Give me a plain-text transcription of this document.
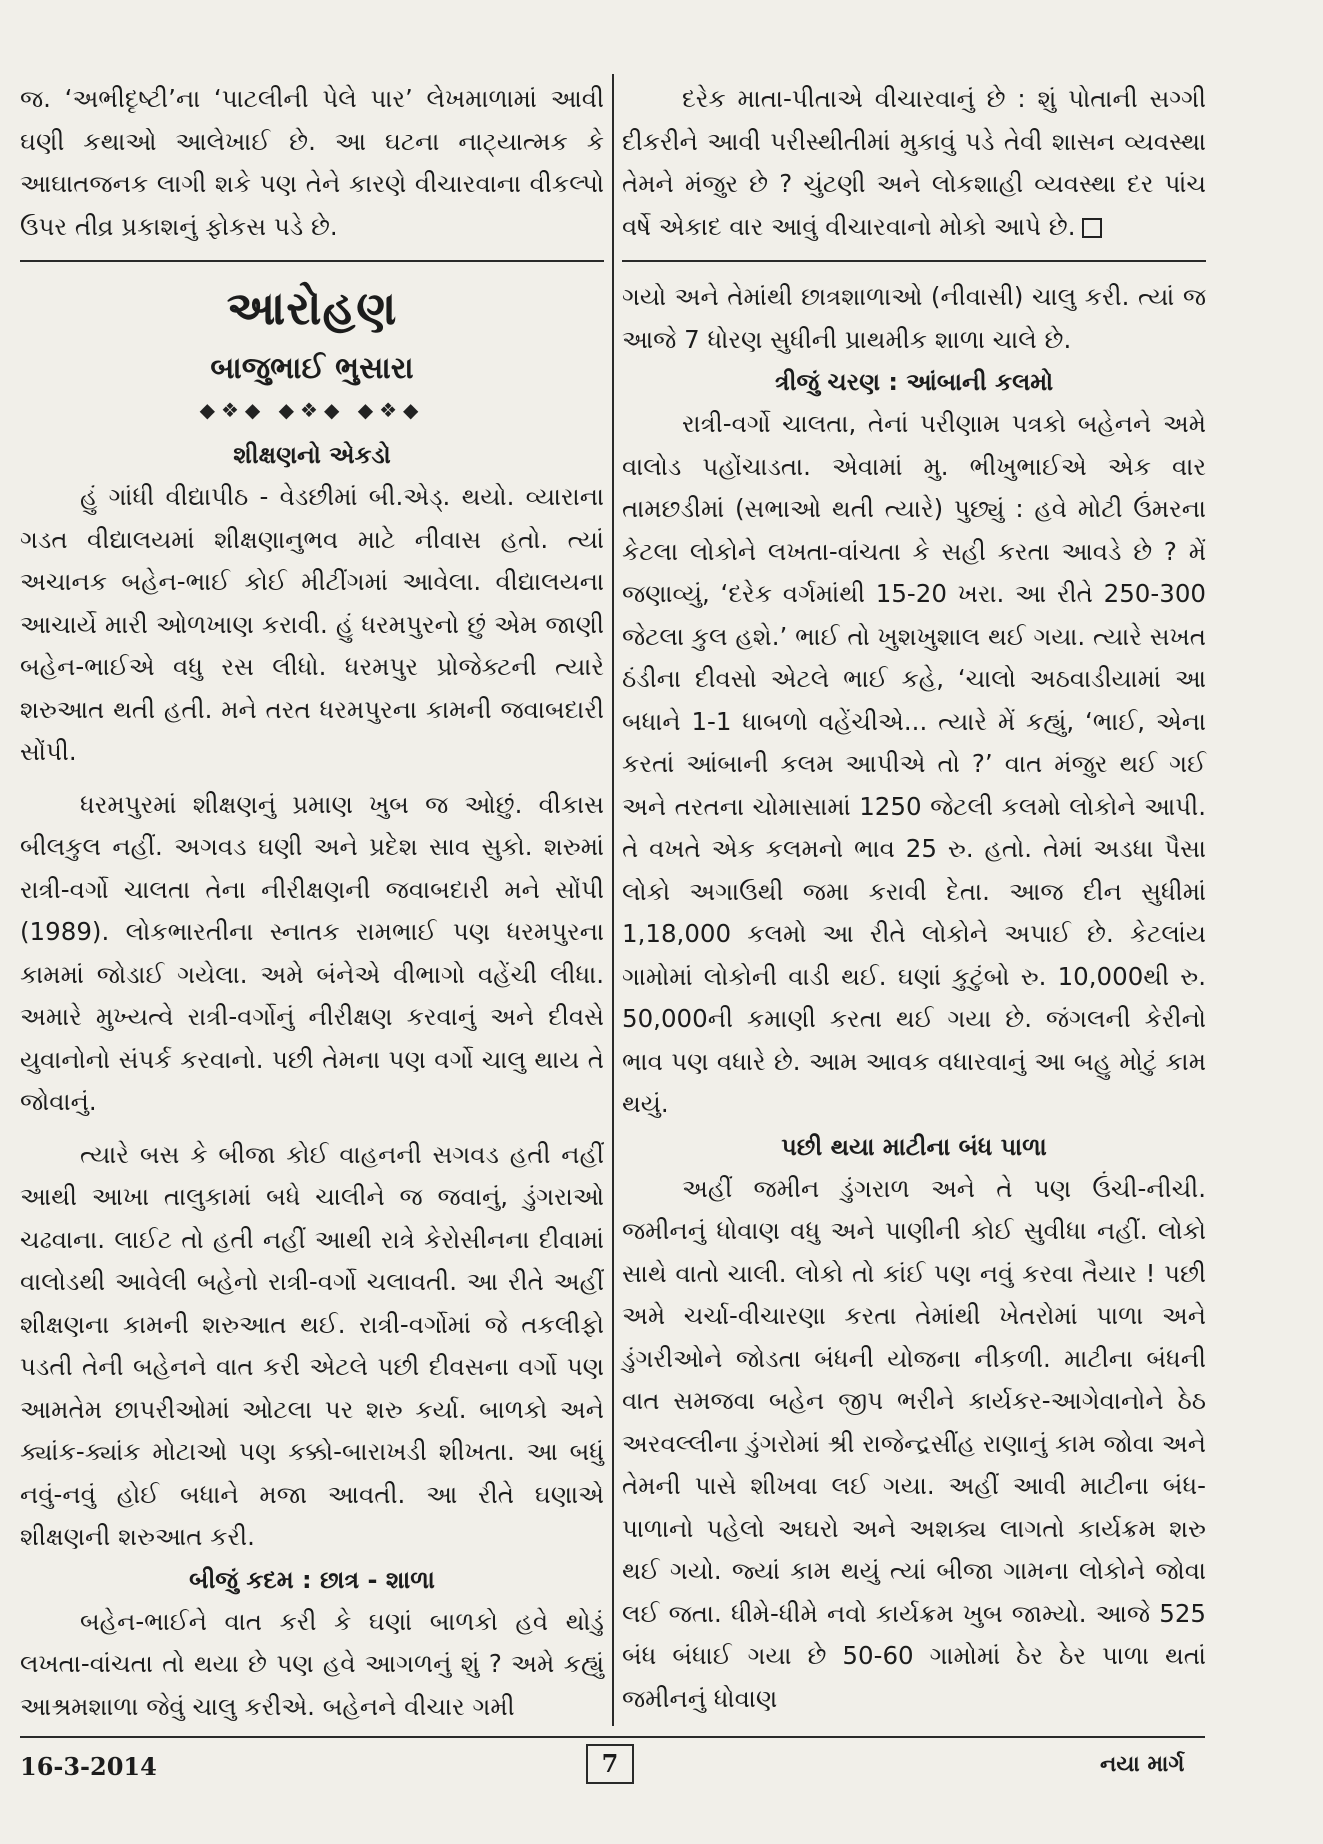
જ. ‘અભીદૃષ્ટી’ના ‘પાટલીની પેલે પાર’ લેખમાળામાં આવી ઘણી કથાઓ આલેખાઈ છે. આ ઘટના નાટ્યાત્મક કે આઘાતજનક લાગી શકે પણ તેને કારણે વીચારવાના વીકલ્પો ઉપર તીવ્ર પ્રકાશનું ફોકસ પડે છે.

આરોહણ
બાજુભાઈ ભુસારા
◆❖◆ ◆❖◆ ◆❖◆
શીક્ષણનો એકડો

હું ગાંધી વીદ્યાપીઠ - વેડછીમાં બી.એડ્. થયો. વ્યારાના ગડત વીદ્યાલયમાં શીક્ષણાનુભવ માટે નીવાસ હતો. ત્યાં અચાનક બહેન-ભાઈ કોઈ મીટીંગમાં આવેલા. વીદ્યાલયના આચાર્યે મારી ઓળખાણ કરાવી. હું ધરમપુરનો છું એમ જાણી બહેન-ભાઈએ વધુ રસ લીધો. ધરમપુર પ્રોજેક્ટની ત્યારે શરુઆત થતી હતી. મને તરત ધરમપુરના કામની જવાબદારી સોંપી.

ધરમપુરમાં શીક્ષણનું પ્રમાણ ખુબ જ ઓછું. વીકાસ બીલકુલ નહીં. અગવડ ઘણી અને પ્રદેશ સાવ સુકો. શરુમાં રાત્રી-વર્ગો ચાલતા તેના નીરીક્ષણની જવાબદારી મને સોંપી (1989). લોકભારતીના સ્નાતક રામભાઈ પણ ધરમપુરના કામમાં જોડાઈ ગયેલા. અમે બંનેએ વીભાગો વહેંચી લીધા. અમારે મુખ્યત્વે રાત્રી-વર્ગોનું નીરીક્ષણ કરવાનું અને દીવસે યુવાનોનો સંપર્ક કરવાનો. પછી તેમના પણ વર્ગો ચાલુ થાય તે જોવાનું.

ત્યારે બસ કે બીજા કોઈ વાહનની સગવડ હતી નહીં આથી આખા તાલુકામાં બધે ચાલીને જ જવાનું, ડુંગરાઓ ચઢવાના. લાઈટ તો હતી નહીં આથી રાત્રે કેરોસીનના દીવામાં વાલોડથી આવેલી બહેનો રાત્રી-વર્ગો ચલાવતી. આ રીતે અહીં શીક્ષણના કામની શરુઆત થઈ. રાત્રી-વર્ગોમાં જે તકલીફો પડતી તેની બહેનને વાત કરી એટલે પછી દીવસના વર્ગો પણ આમતેમ છાપરીઓમાં ઓટલા પર શરુ કર્યા. બાળકો અને ક્યાંક-ક્યાંક મોટાઓ પણ કક્કો-બારાખડી શીખતા. આ બધું નવું-નવું હોઈ બધાને મજા આવતી. આ રીતે ઘણાએ શીક્ષણની શરુઆત કરી.

બીજું કદમ : છાત્ર - શાળા

બહેન-ભાઈને વાત કરી કે ઘણાં બાળકો હવે થોડું લખતા-વાંચતા તો થયા છે પણ હવે આગળનું શું ? અમે કહ્યું આશ્રમશાળા જેવું ચાલુ કરીએ. બહેનને વીચાર ગમી

દરેક માતા-પીતાએ વીચારવાનું છે : શું પોતાની સગ્ગી દીકરીને આવી પરીસ્થીતીમાં મુકાવું પડે તેવી શાસન વ્યવસ્થા તેમને મંજુર છે ? ચુંટણી અને લોકશાહી વ્યવસ્થા દર પાંચ વર્ષે એકાદ વાર આવું વીચારવાનો મોકો આપે છે.

ગયો અને તેમાંથી છાત્રશાળાઓ (નીવાસી) ચાલુ કરી. ત્યાં જ આજે 7 ધોરણ સુધીની પ્રાથમીક શાળા ચાલે છે.

ત્રીજું ચરણ : આંબાની કલમો

રાત્રી-વર્ગો ચાલતા, તેનાં પરીણામ પત્રકો બહેનને અમે વાલોડ પહોંચાડતા. એવામાં મુ. ભીખુભાઈએ એક વાર તામછડીમાં (સભાઓ થતી ત્યારે) પુછ્યું : હવે મોટી ઉંમરના કેટલા લોકોને લખતા-વાંચતા કે સહી કરતા આવડે છે ? મેં જણાવ્યું, ‘દરેક વર્ગમાંથી 15-20 ખરા. આ રીતે 250-300 જેટલા કુલ હશે.’ ભાઈ તો ખુશખુશાલ થઈ ગયા. ત્યારે સખત ઠંડીના દીવસો એટલે ભાઈ કહે, ‘ચાલો અઠવાડીયામાં આ બધાને 1-1 ધાબળો વહેંચીએ... ત્યારે મેં કહ્યું, ‘ભાઈ, એના કરતાં આંબાની કલમ આપીએ તો ?’ વાત મંજુર થઈ ગઈ અને તરતના ચોમાસામાં 1250 જેટલી કલમો લોકોને આપી. તે વખતે એક કલમનો ભાવ 25 રુ. હતો. તેમાં અડધા પૈસા લોકો અગાઉથી જમા કરાવી દેતા. આજ દીન સુધીમાં 1,18,000 કલમો આ રીતે લોકોને અપાઈ છે. કેટલાંય ગામોમાં લોકોની વાડી થઈ. ઘણાં કુટુંબો રુ. 10,000થી રુ. 50,000ની કમાણી કરતા થઈ ગયા છે. જંગલની કેરીનો ભાવ પણ વધારે છે. આમ આવક વધારવાનું આ બહુ મોટું કામ થયું.

પછી થયા માટીના બંધ પાળા

અહીં જમીન ડુંગરાળ અને તે પણ ઉંચી-નીચી. જમીનનું ધોવાણ વધુ અને પાણીની કોઈ સુવીધા નહીં. લોકો સાથે વાતો ચાલી. લોકો તો કાંઈ પણ નવું કરવા તૈયાર ! પછી અમે ચર્ચા-વીચારણા કરતા તેમાંથી ખેતરોમાં પાળા અને ડુંગરીઓને જોડતા બંધની યોજના નીકળી. માટીના બંધની વાત સમજવા બહેન જીપ ભરીને કાર્યકર-આગેવાનોને ઠેઠ અરવલ્લીના ડુંગરોમાં શ્રી રાજેન્દ્રસીંહ રાણાનું કામ જોવા અને તેમની પાસે શીખવા લઈ ગયા. અહીં આવી માટીના બંધ-પાળાનો પહેલો અઘરો અને અશક્ય લાગતો કાર્યક્રમ શરુ થઈ ગયો. જ્યાં કામ થયું ત્યાં બીજા ગામના લોકોને જોવા લઈ જતા. ધીમે-ધીમે નવો કાર્યક્રમ ખુબ જામ્યો. આજે 525 બંધ બંધાઈ ગયા છે 50-60 ગામોમાં ઠેર ઠેર પાળા થતાં જમીનનું ધોવાણ

16-3-2014	7	નયા માર્ગ
